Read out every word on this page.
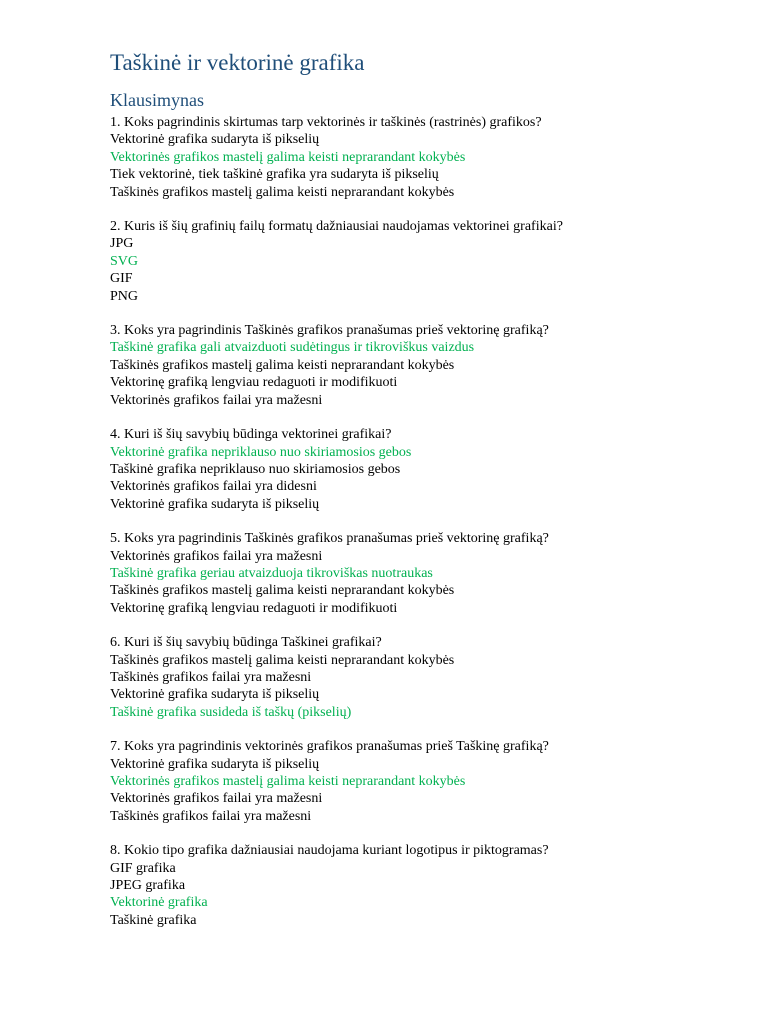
Taškinė ir vektorinė grafika
Klausimynas
1. Koks pagrindinis skirtumas tarp vektorinės ir taškinės (rastrinės) grafikos?
Vektorinė grafika sudaryta iš pikselių
Vektorinės grafikos mastelį galima keisti neprarandant kokybės
Tiek vektorinė, tiek taškinė grafika yra sudaryta iš pikselių
Taškinės grafikos mastelį galima keisti neprarandant kokybės
2. Kuris iš šių grafinių failų formatų dažniausiai naudojamas vektorinei grafikai?
JPG
SVG
GIF
PNG
3. Koks yra pagrindinis Taškinės grafikos pranašumas prieš vektorinę grafiką?
Taškinė grafika gali atvaizduoti sudėtingus ir tikroviškus vaizdus
Taškinės grafikos mastelį galima keisti neprarandant kokybės
Vektorinę grafiką lengviau redaguoti ir modifikuoti
Vektorinės grafikos failai yra mažesni
4. Kuri iš šių savybių būdinga vektorinei grafikai?
Vektorinė grafika nepriklauso nuo skiriamosios gebos
Taškinė grafika nepriklauso nuo skiriamosios gebos
Vektorinės grafikos failai yra didesni
Vektorinė grafika sudaryta iš pikselių
5. Koks yra pagrindinis Taškinės grafikos pranašumas prieš vektorinę grafiką?
Vektorinės grafikos failai yra mažesni
Taškinė grafika geriau atvaizduoja tikroviškas nuotraukas
Taškinės grafikos mastelį galima keisti neprarandant kokybės
Vektorinę grafiką lengviau redaguoti ir modifikuoti
6. Kuri iš šių savybių būdinga Taškinei grafikai?
Taškinės grafikos mastelį galima keisti neprarandant kokybės
Taškinės grafikos failai yra mažesni
Vektorinė grafika sudaryta iš pikselių
Taškinė grafika susideda iš taškų (pikselių)
7. Koks yra pagrindinis vektorinės grafikos pranašumas prieš Taškinę grafiką?
Vektorinė grafika sudaryta iš pikselių
Vektorinės grafikos mastelį galima keisti neprarandant kokybės
Vektorinės grafikos failai yra mažesni
Taškinės grafikos failai yra mažesni
8. Kokio tipo grafika dažniausiai naudojama kuriant logotipus ir piktogramas?
GIF grafika
JPEG grafika
Vektorinė grafika
Taškinė grafika
